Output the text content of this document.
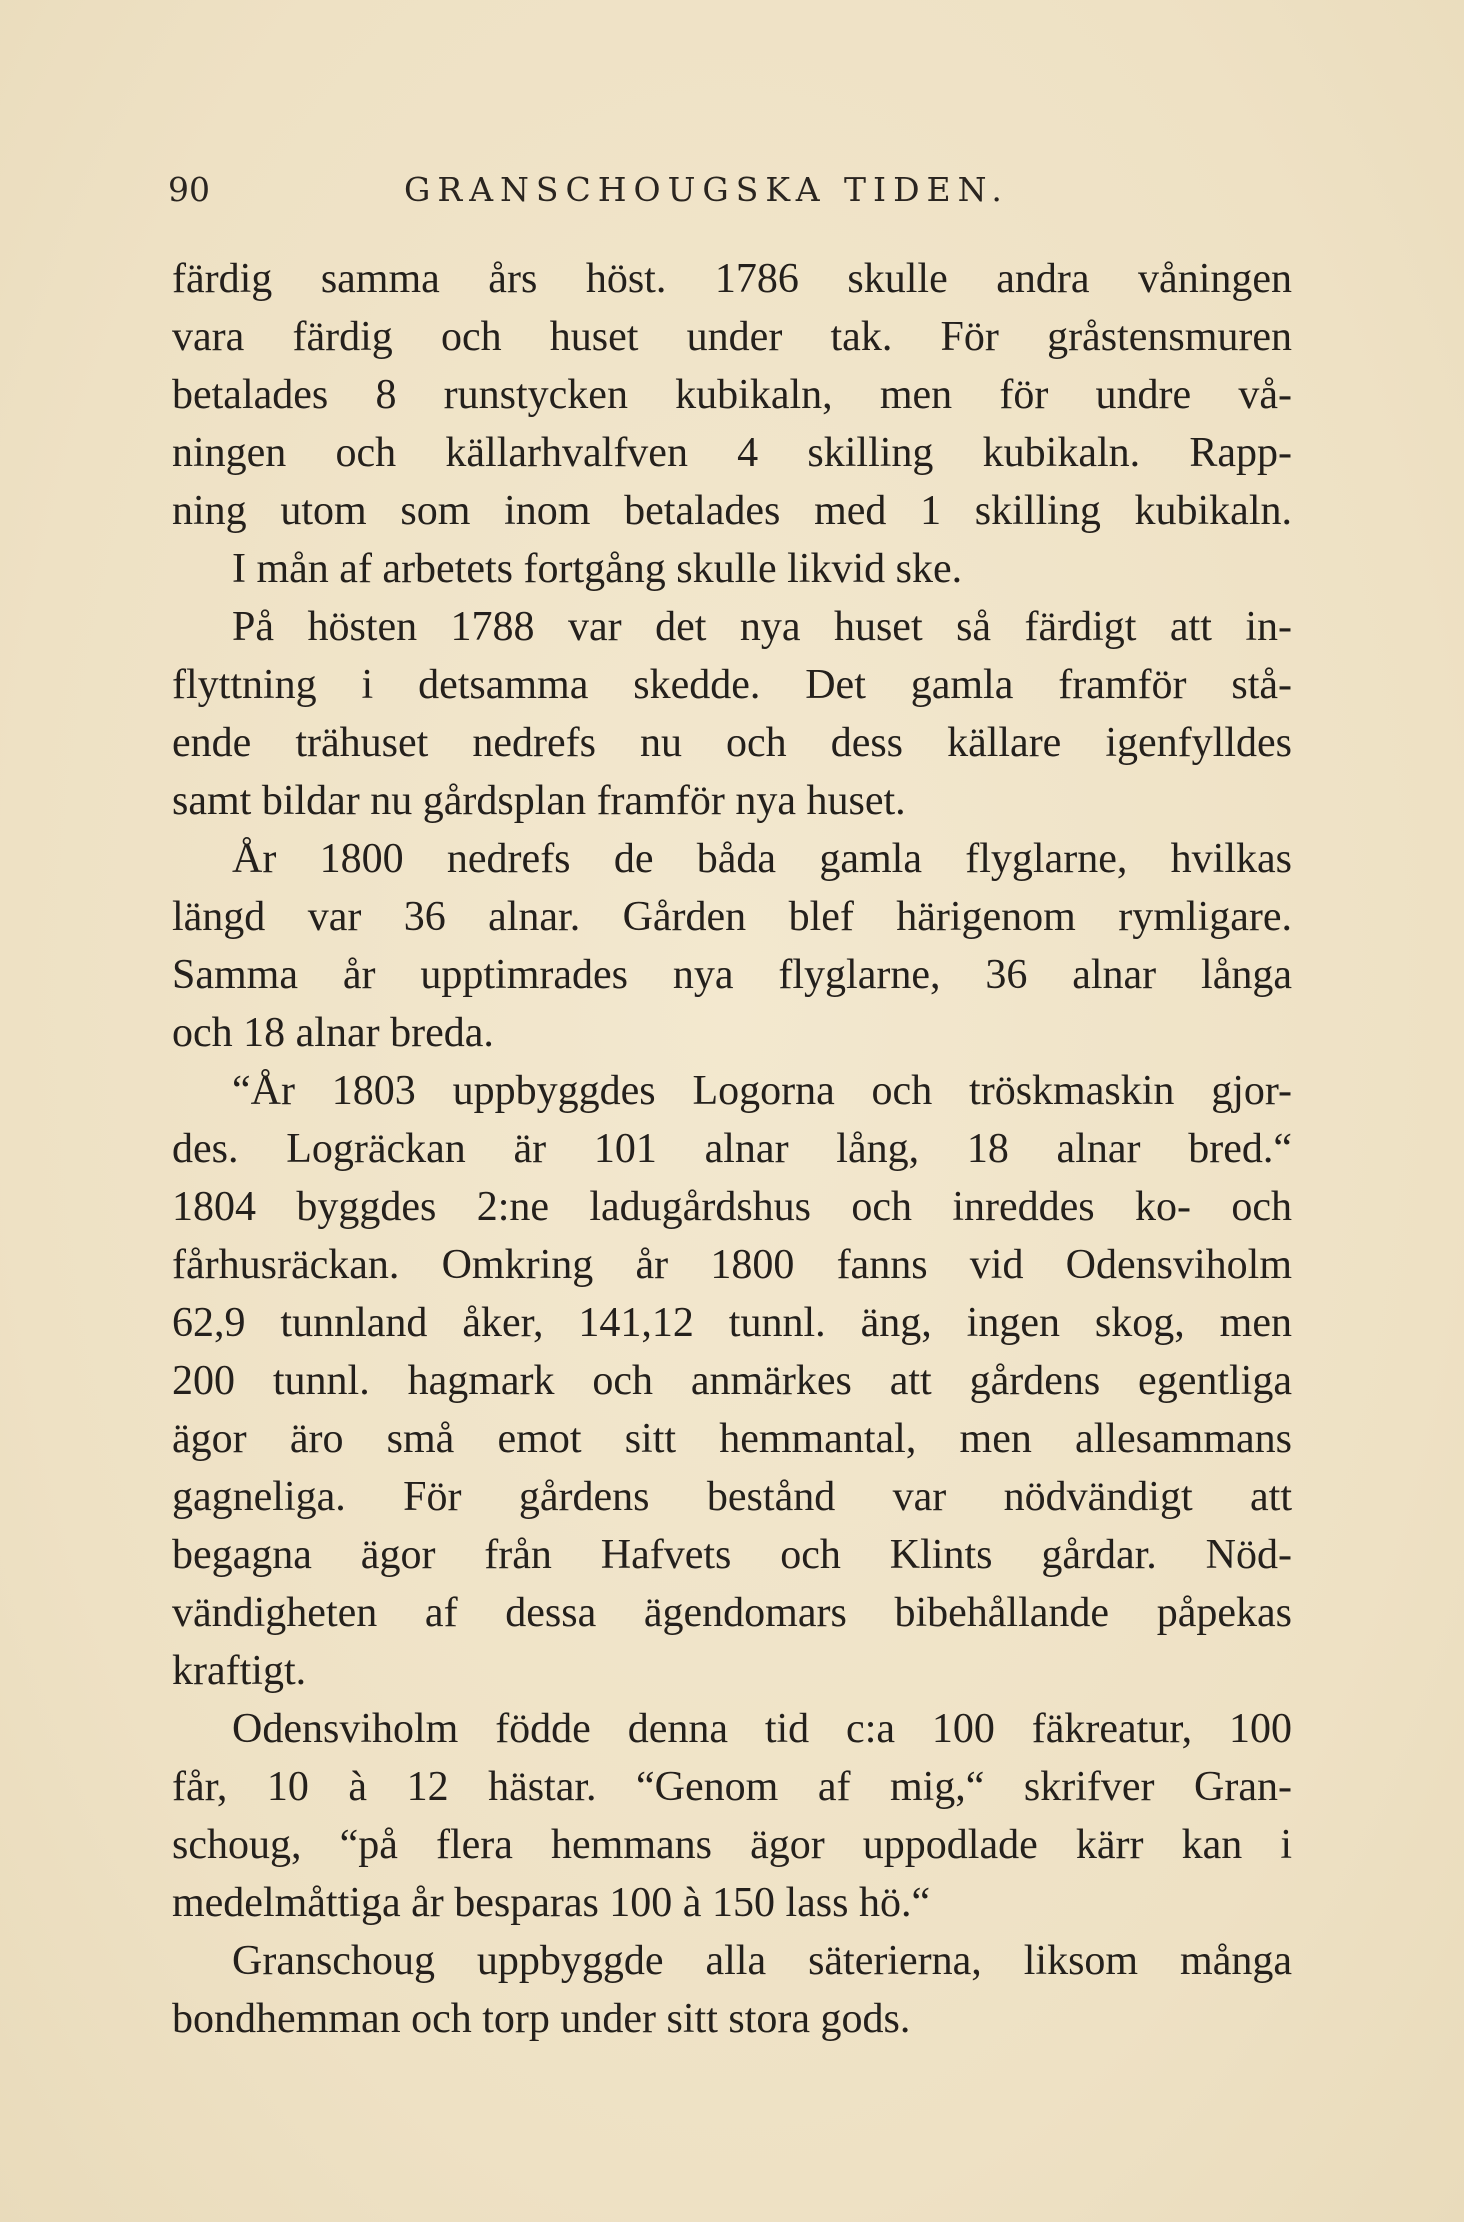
90	GRANSCHOUGSKA TIDEN.
färdig samma års höst. 1786 skulle andra våningen
vara färdig och huset under tak. För gråstensmuren
betalades 8 runstycken kubikaln, men för undre vå-
ningen och källarhvalfven 4 skilling kubikaln. Rapp-
ning utom som inom betalades med 1 skilling kubikaln.
I mån af arbetets fortgång skulle likvid ske.
På hösten 1788 var det nya huset så färdigt att in-
flyttning i detsamma skedde. Det gamla framför stå-
ende trähuset nedrefs nu och dess källare igenfylldes
samt bildar nu gårdsplan framför nya huset.
År 1800 nedrefs de båda gamla flyglarne, hvilkas
längd var 36 alnar. Gården blef härigenom rymligare.
Samma år upptimrades nya flyglarne, 36 alnar långa
och 18 alnar breda.
“År 1803 uppbyggdes Logorna och tröskmaskin gjor-
des. Logräckan är 101 alnar lång, 18 alnar bred.“
1804 byggdes 2:ne ladugårdshus och inreddes ko- och
fårhusräckan. Omkring år 1800 fanns vid Odensviholm
62,9 tunnland åker, 141,12 tunnl. äng, ingen skog, men
200 tunnl. hagmark och anmärkes att gårdens egentliga
ägor äro små emot sitt hemmantal, men allesammans
gagneliga. För gårdens bestånd var nödvändigt att
begagna ägor från Hafvets och Klints gårdar. Nöd-
vändigheten af dessa ägendomars bibehållande påpekas
kraftigt.
Odensviholm födde denna tid c:a 100 fäkreatur, 100
får, 10 à 12 hästar. “Genom af mig,“ skrifver Gran-
schoug, “på flera hemmans ägor uppodlade kärr kan i
medelmåttiga år besparas 100 à 150 lass hö.“
Granschoug uppbyggde alla säterierna, liksom många
bondhemman och torp under sitt stora gods.
